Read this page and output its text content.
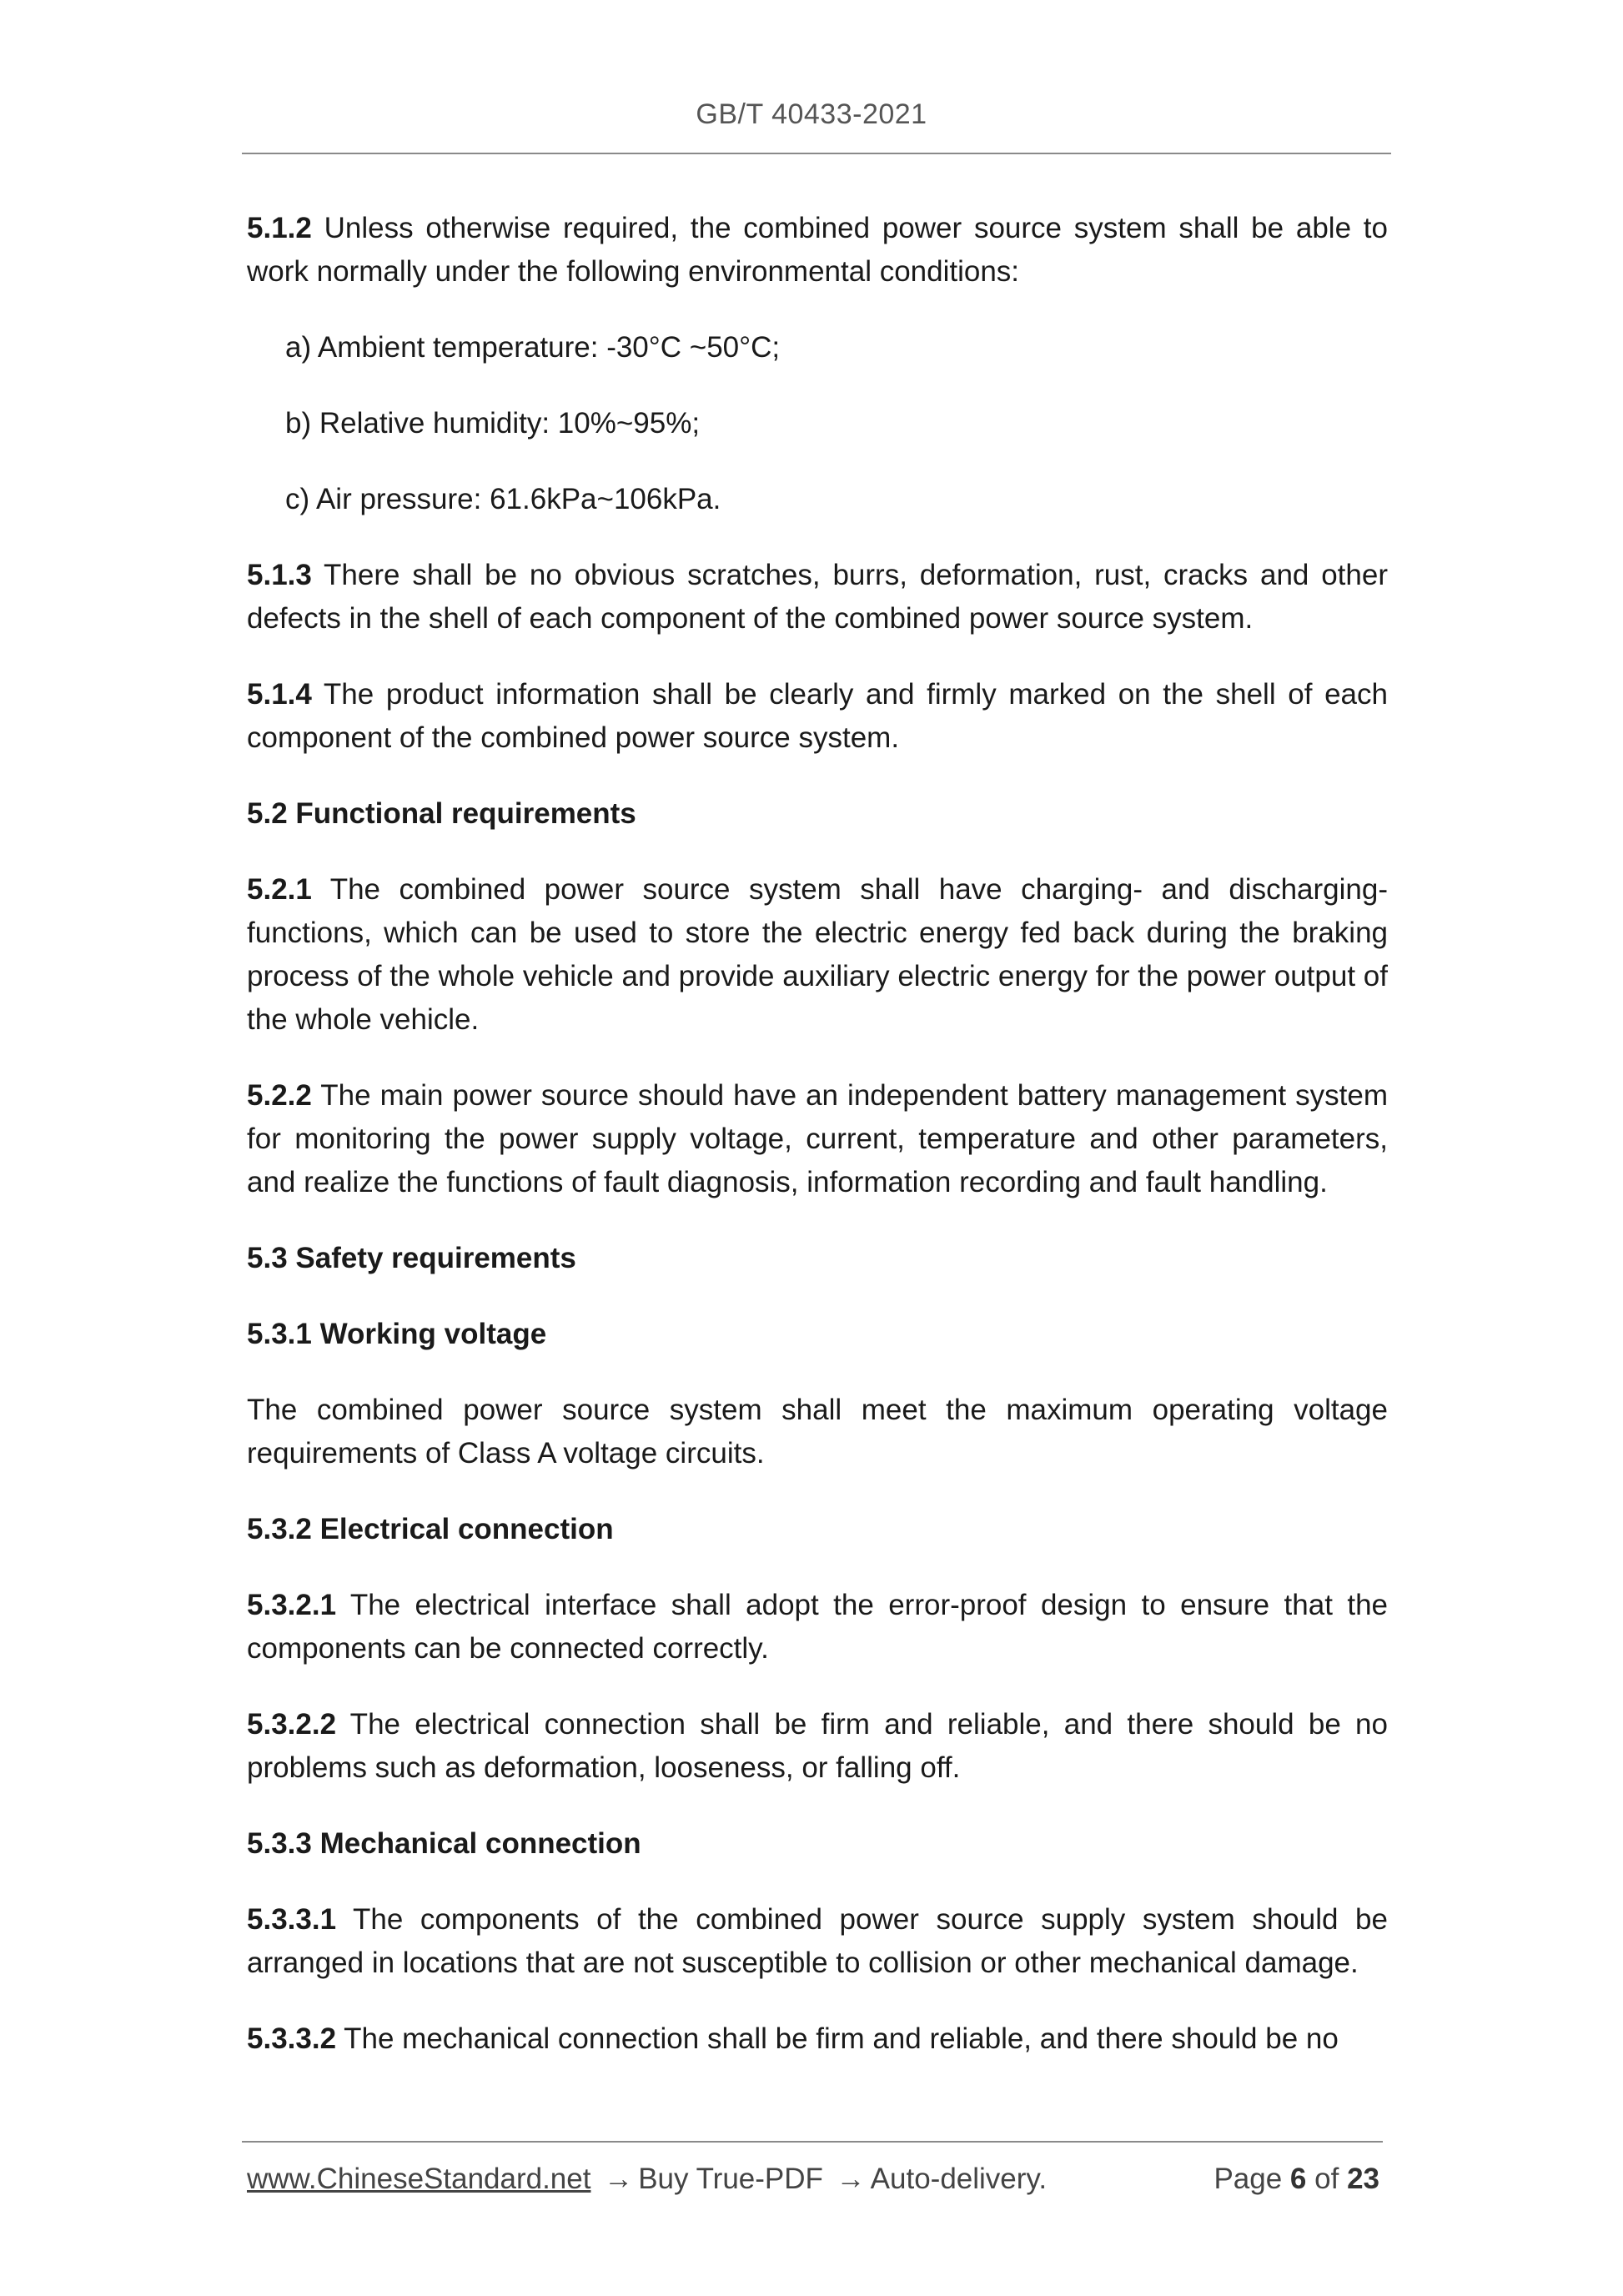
GB/T 40433-2021

5.1.2 Unless otherwise required, the combined power source system shall be able to work normally under the following environmental conditions:

a) Ambient temperature: -30°C ~50°C;

b) Relative humidity: 10%~95%;

c) Air pressure: 61.6kPa~106kPa.

5.1.3 There shall be no obvious scratches, burrs, deformation, rust, cracks and other defects in the shell of each component of the combined power source system.

5.1.4 The product information shall be clearly and firmly marked on the shell of each component of the combined power source system.

5.2 Functional requirements

5.2.1 The combined power source system shall have charging- and discharging-functions, which can be used to store the electric energy fed back during the braking process of the whole vehicle and provide auxiliary electric energy for the power output of the whole vehicle.

5.2.2 The main power source should have an independent battery management system for monitoring the power supply voltage, current, temperature and other parameters, and realize the functions of fault diagnosis, information recording and fault handling.

5.3 Safety requirements

5.3.1 Working voltage

The combined power source system shall meet the maximum operating voltage requirements of Class A voltage circuits.

5.3.2 Electrical connection

5.3.2.1 The electrical interface shall adopt the error-proof design to ensure that the components can be connected correctly.

5.3.2.2 The electrical connection shall be firm and reliable, and there should be no problems such as deformation, looseness, or falling off.

5.3.3 Mechanical connection

5.3.3.1 The components of the combined power source supply system should be arranged in locations that are not susceptible to collision or other mechanical damage.

5.3.3.2 The mechanical connection shall be firm and reliable, and there should be no

www.ChineseStandard.net → Buy True-PDF → Auto-delivery.	Page 6 of 23
